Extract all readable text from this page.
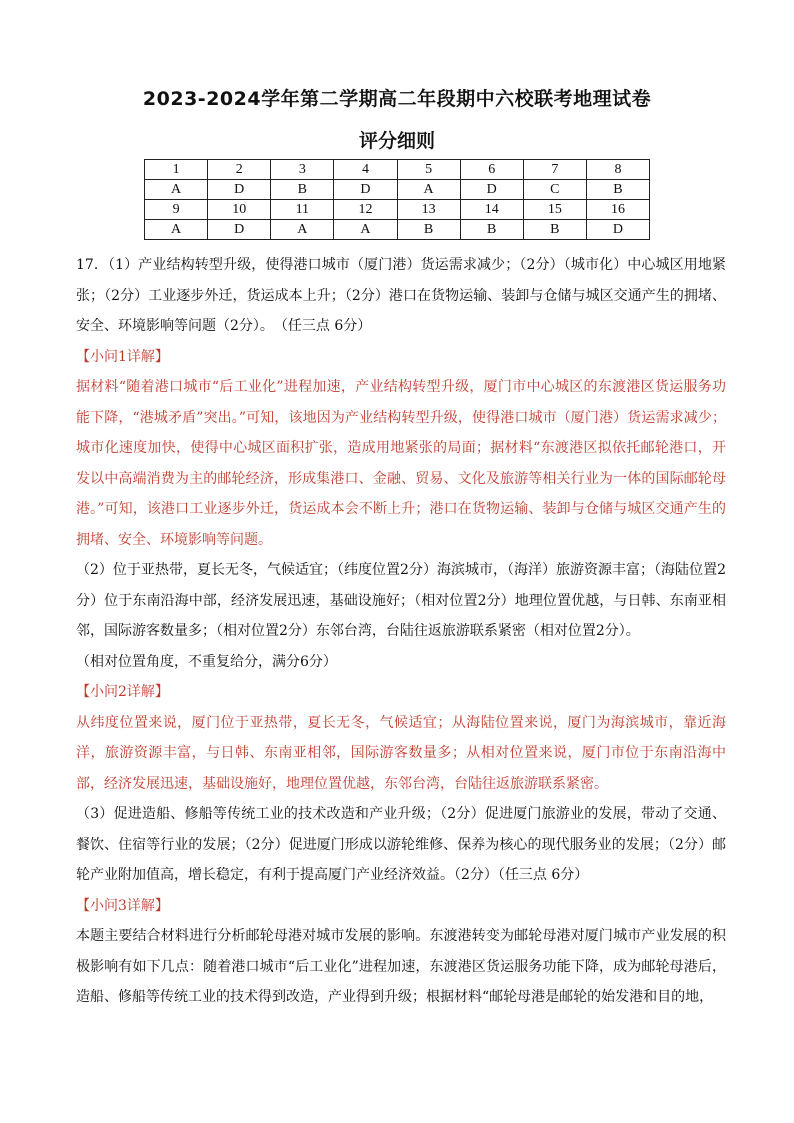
2023-2024学年第二学期高二年段期中六校联考地理试卷
评分细则
1	2	3	4	5	6	7	8
A	D	B	D	A	D	C	B
9	10	11	12	13	14	15	16
A	D	A	A	B	B	B	D

17．（1）产业结构转型升级，使得港口城市（厦门港）货运需求减少；（2分）（城市化）中心城区用地紧张；（2分）工业逐步外迁，货运成本上升；（2分）港口在货物运输、装卸与仓储与城区交通产生的拥堵、安全、环境影响等问题（2分）。　（任三点 6分）

【小问1详解】

据材料“随着港口城市“后工业化”进程加速，产业结构转型升级，厦门市中心城区的东渡港区货运服务功能下降，“港城矛盾”突出。”可知，该地因为产业结构转型升级，使得港口城市（厦门港）货运需求减少；城市化速度加快，使得中心城区面积扩张，造成用地紧张的局面；据材料“东渡港区拟依托邮轮港口，开发以中高端消费为主的邮轮经济，形成集港口、金融、贸易、文化及旅游等相关行业为一体的国际邮轮母港。”可知，该港口工业逐步外迁，货运成本会不断上升；港口在货物运输、装卸与仓储与城区交通产生的拥堵、安全、环境影响等问题。

（2）位于亚热带，夏长无冬，气候适宜；（纬度位置2分）海滨城市，（海洋）旅游资源丰富；（海陆位置2分）位于东南沿海中部，经济发展迅速，基础设施好；（相对位置2分）地理位置优越，与日韩、东南亚相邻，国际游客数量多；（相对位置2分）东邻台湾，台陆往返旅游联系紧密（相对位置2分）。

（相对位置角度，不重复给分，满分6分）

【小问2详解】

从纬度位置来说，厦门位于亚热带，夏长无冬，气候适宜；从海陆位置来说，厦门为海滨城市，靠近海洋，旅游资源丰富，与日韩、东南亚相邻，国际游客数量多；从相对位置来说，厦门市位于东南沿海中部，经济发展迅速，基础设施好，地理位置优越，东邻台湾，台陆往返旅游联系紧密。

（3）促进造船、修船等传统工业的技术改造和产业升级；（2分）促进厦门旅游业的发展，带动了交通、餐饮、住宿等行业的发展；（2分）促进厦门形成以游轮维修、保养为核心的现代服务业的发展；（2分）邮轮产业附加值高，增长稳定，有利于提高厦门产业经济效益。（2分）（任三点 6分）

【小问3详解】

本题主要结合材料进行分析邮轮母港对城市发展的影响。东渡港转变为邮轮母港对厦门城市产业发展的积极影响有如下几点：随着港口城市“后工业化”进程加速，东渡港区货运服务功能下降，成为邮轮母港后，造船、修船等传统工业的技术得到改造，产业得到升级；根据材料“邮轮母港是邮轮的始发港和目的地，
